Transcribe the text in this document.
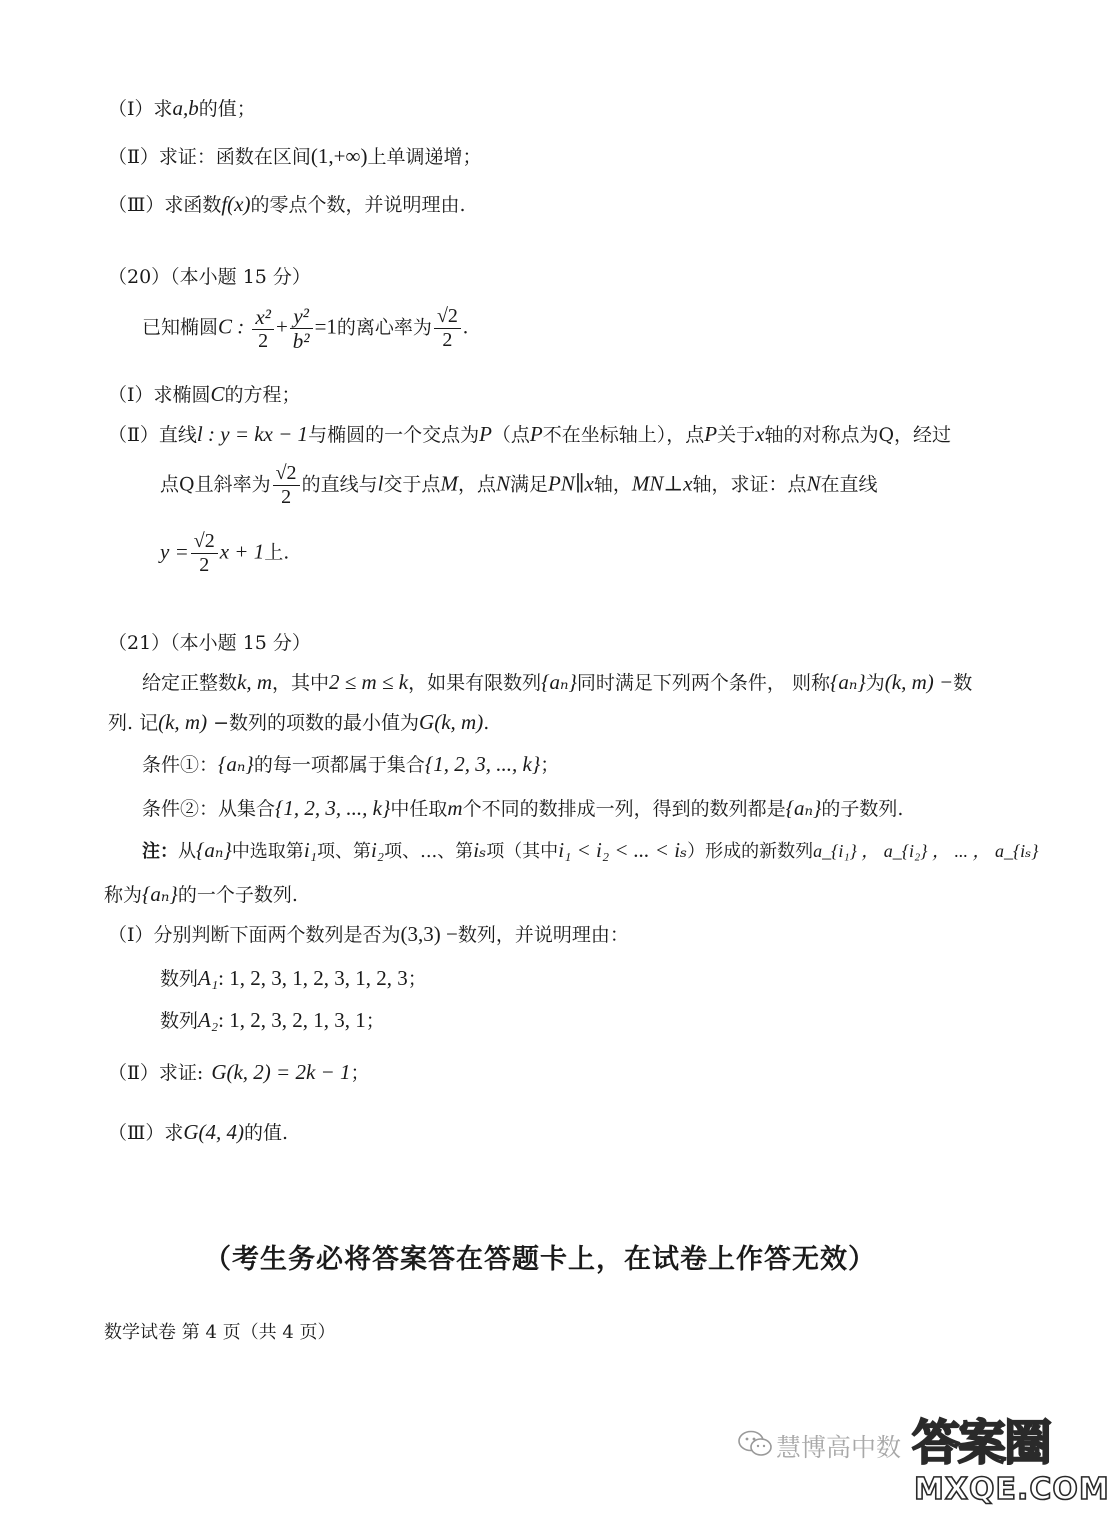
（Ⅰ）求a,b的值；
（Ⅱ）求证：函数在区间(1,+∞)上单调递增；
（Ⅲ）求函数f(x)的零点个数，并说明理由.
（20）（本小题 15 分）
已知椭圆C : $\frac{\text{x²}}{2} + \frac{\text{y²}}{\text{b²}} =1$的离心率为 $\frac{√2}{2}$ .
（Ⅰ）求椭圆C的方程；
（Ⅱ）直线l : y = kx − 1与椭圆的一个交点为P（点P不在坐标轴上），点P关于x轴的对称点为Q，经过
点Q且斜率为 $\frac{√2}{2}$ 的直线与l交于点M，点N满足PN∥x轴，MN⊥x轴，求证：点N在直线
$y = \frac{√2}{2}$ x + 1上.
（21）（本小题 15 分）
给定正整数k, m，其中2 ≤ m ≤ k，如果有限数列{aₙ}同时满足下列两个条件， 则称{aₙ}为(k, m) −数
列. 记(k, m) −数列的项数的最小值为G(k, m).
条件①：{aₙ}的每一项都属于集合{1, 2, 3, ..., k}；
条件②：从集合{1, 2, 3, ..., k}中任取m个不同的数排成一列，得到的数列都是{aₙ}的子数列.
注：从{aₙ}中选取第i₁项、第i₂项、...、第iₛ项（其中i₁ < i₂ < ... < iₛ）形成的新数列a_{i₁} ， a_{i₂} ， ... ， a_{iₛ}
称为{aₙ}的一个子数列.
（Ⅰ）分别判断下面两个数列是否为(3,3) −数列，并说明理由：
数列A₁: 1, 2, 3, 1, 2, 3, 1, 2, 3；
数列A₂: 1, 2, 3, 2, 1, 3, 1；
（Ⅱ）求证: G(k, 2) = 2k − 1；
（Ⅲ）求G(4, 4)的值.
（考生务必将答案答在答题卡上，在试卷上作答无效）
数学试卷 第 4 页（共 4 页）
慧博高中数 答案圈
MXQE.COM
